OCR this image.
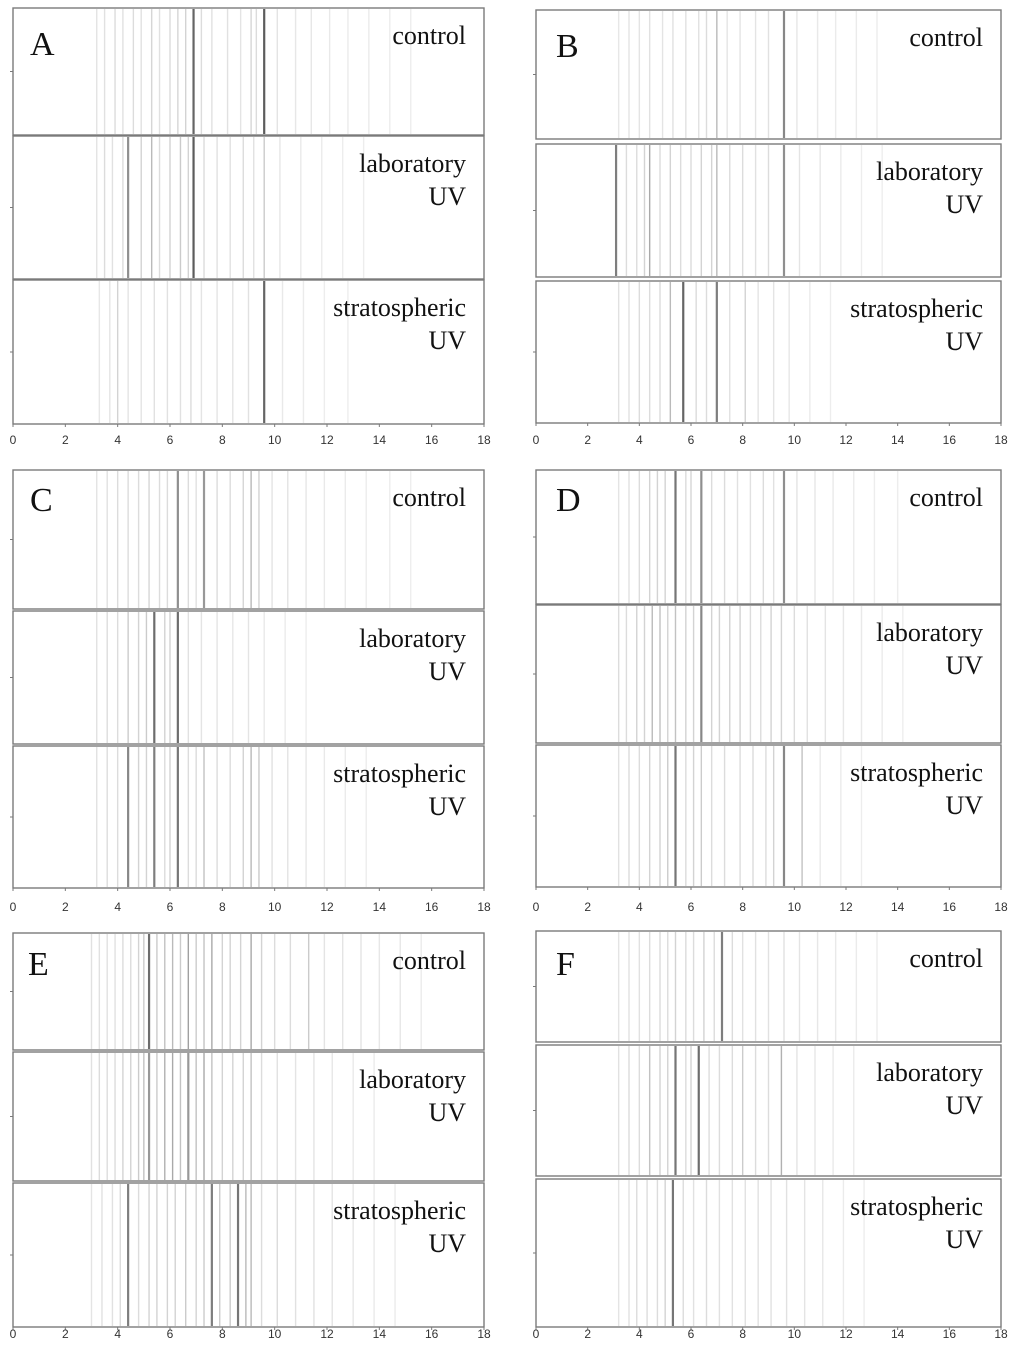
control
laboratory
UV
stratospheric
UV
A
0	2	4	6	8	10	12	14	16	18
control
laboratory
UV
stratospheric
UV
B
0	2	4	6	8	10	12	14	16	18
control
laboratory
UV
stratospheric
UV
C
0	2	4	6	8	10	12	14	16	18
control
laboratory
UV
stratospheric
UV
D
0	2	4	6	8	10	12	14	16	18
control
laboratory
UV
stratospheric
UV
E
0	2	4	6	8	10	12	14	16	18
control
laboratory
UV
stratospheric
UV
F
0	2	4	6	8	10	12	14	16	18
